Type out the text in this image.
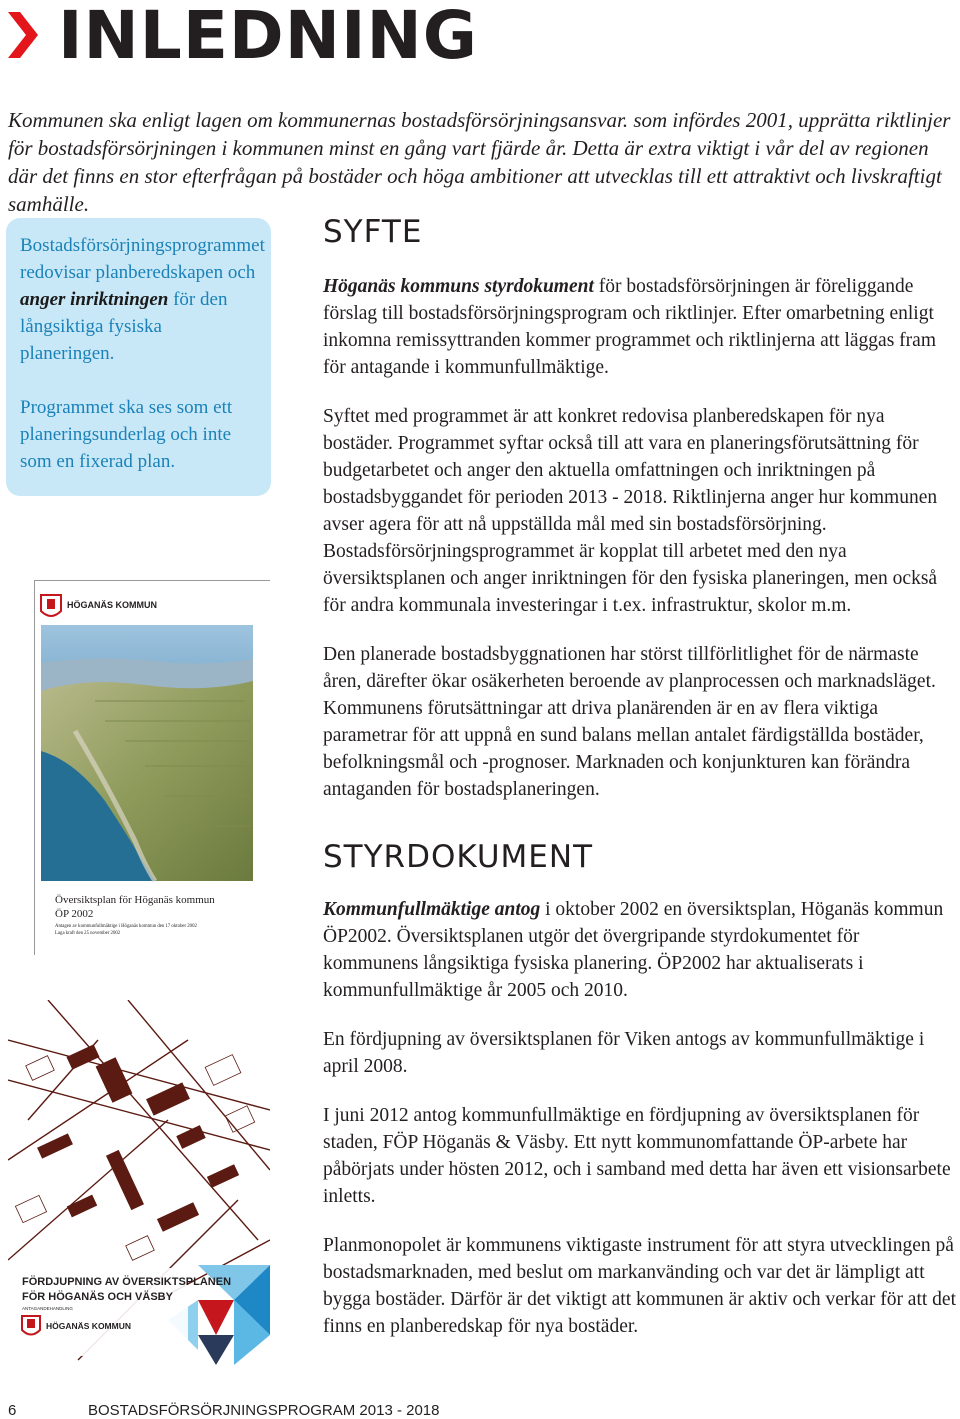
INLEDNING

Kommunen ska enligt lagen om kommunernas bostadsförsörjningsansvar. som infördes 2001, upprätta riktlinjer för bostadsförsörjningen i kommunen minst en gång vart fjärde år. Detta är extra viktigt i vår del av regionen där det finns en stor efterfrågan på bostäder och höga ambitioner att utvecklas till ett attraktivt och livskraftigt samhälle.

Bostadsförsörjningsprogrammet redovisar planberedskapen och anger inriktningen för den långsiktiga fysiska planeringen.

Programmet ska ses som ett planeringsunderlag och inte som en fixerad plan.

HÖGANÄS KOMMUN
Översiktsplan för Höganäs kommun
ÖP 2002
Antagen av kommunfullmäktige i Höganäs kommun den 17 oktober 2002
Laga kraft den 25 november 2002
FÖRDJUPNING AV ÖVERSIKTSPLANEN
FÖR HÖGANÄS OCH VÄSBY
ANTAGANDEHANDLING
HÖGANÄS KOMMUN
SYFTE

Höganäs kommuns styrdokument för bostadsförsörjningen är föreliggande förslag till bostadsförsörjningsprogram och riktlinjer. Efter omarbetning enligt inkomna remissyttranden kommer programmet och riktlinjerna att läggas fram för antagande i kommunfullmäktige.

Syftet med programmet är att konkret redovisa planberedskapen för nya bostäder. Programmet syftar också till att vara en planeringsförutsättning för budgetarbetet och anger den aktuella omfattningen och inriktningen på bostadsbyggandet för perioden 2013 - 2018. Riktlinjerna anger hur kommunen avser agera för att nå uppställda mål med sin bostadsförsörjning. Bostadsförsörjningsprogrammet är kopplat till arbetet med den nya översiktsplanen och anger inriktningen för den fysiska planeringen, men också för andra kommunala investeringar i t.ex. infrastruktur, skolor m.m.

Den planerade bostadsbyggnationen har störst tillförlitlighet för de närmaste åren, därefter ökar osäkerheten beroende av planprocessen och marknadsläget. Kommunens förutsättningar att driva planärenden är en av flera viktiga parametrar för att uppnå en sund balans mellan antalet färdigställda bostäder, befolkningsmål och -prognoser. Marknaden och konjunkturen kan förändra antaganden för bostadsplaneringen.

STYRDOKUMENT

Kommunfullmäktige antog i oktober 2002 en översiktsplan, Höganäs kommun ÖP2002. Översiktsplanen utgör det övergripande styrdokumentet för kommunens långsiktiga fysiska planering. ÖP2002 har aktualiserats i kommunfullmäktige år 2005 och 2010.

En fördjupning av översiktsplanen för Viken antogs av kommunfullmäktige i april 2008.

I juni 2012 antog kommunfullmäktige en fördjupning av översiktsplanen för staden, FÖP Höganäs & Väsby. Ett nytt kommunomfattande ÖP-arbete har påbörjats under hösten 2012, och i samband med detta har även ett visionsarbete inletts.

Planmonopolet är kommunens viktigaste instrument för att styra utvecklingen på bostadsmarknaden, med beslut om markanvänding och var det är lämpligt att bygga bostäder. Därför är det viktigt att kommunen är aktiv och verkar för att det finns en planberedskap för nya bostäder.

6	BOSTADSFÖRSÖRJNINGSPROGRAM 2013 - 2018
